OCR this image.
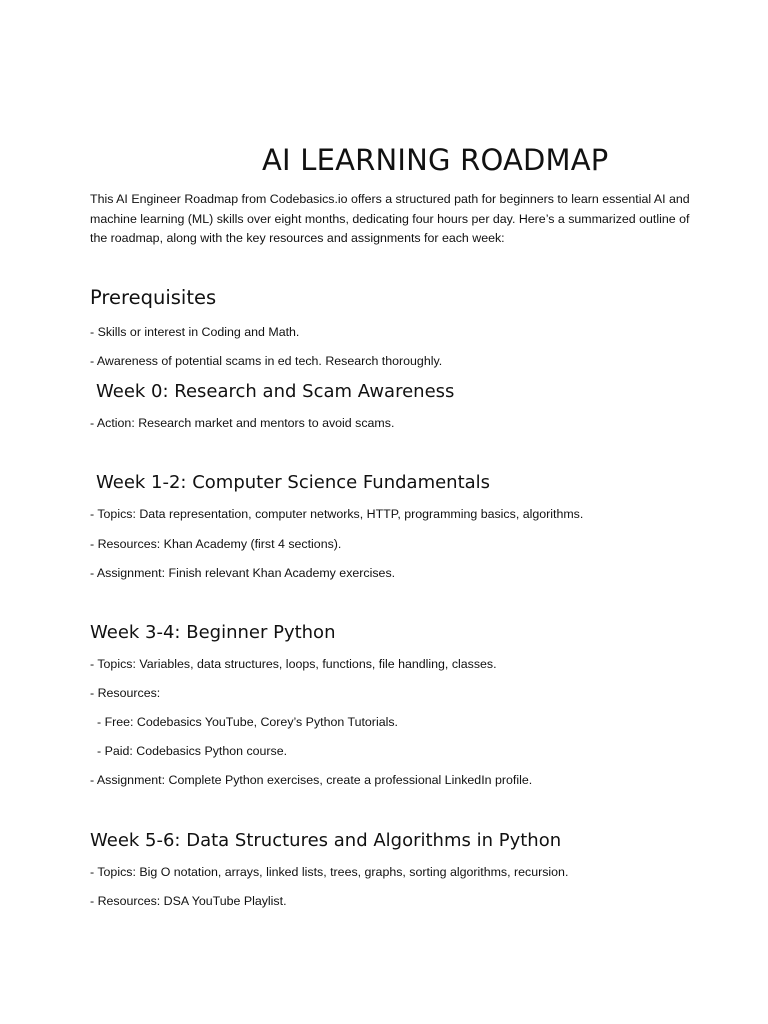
AI LEARNING ROADMAP

This AI Engineer Roadmap from Codebasics.io offers a structured path for beginners to learn essential AI and machine learning (ML) skills over eight months, dedicating four hours per day. Here’s a summarized outline of the roadmap, along with the key resources and assignments for each week:

Prerequisites

- Skills or interest in Coding and Math.

- Awareness of potential scams in ed tech. Research thoroughly.

Week 0: Research and Scam Awareness

- Action: Research market and mentors to avoid scams.

Week 1-2: Computer Science Fundamentals

- Topics: Data representation, computer networks, HTTP, programming basics, algorithms.

- Resources: Khan Academy (first 4 sections).

- Assignment: Finish relevant Khan Academy exercises.

Week 3-4: Beginner Python

- Topics: Variables, data structures, loops, functions, file handling, classes.

- Resources:

- Free: Codebasics YouTube, Corey’s Python Tutorials.

- Paid: Codebasics Python course.

- Assignment: Complete Python exercises, create a professional LinkedIn profile.

Week 5-6: Data Structures and Algorithms in Python

- Topics: Big O notation, arrays, linked lists, trees, graphs, sorting algorithms, recursion.

- Resources: DSA YouTube Playlist.
